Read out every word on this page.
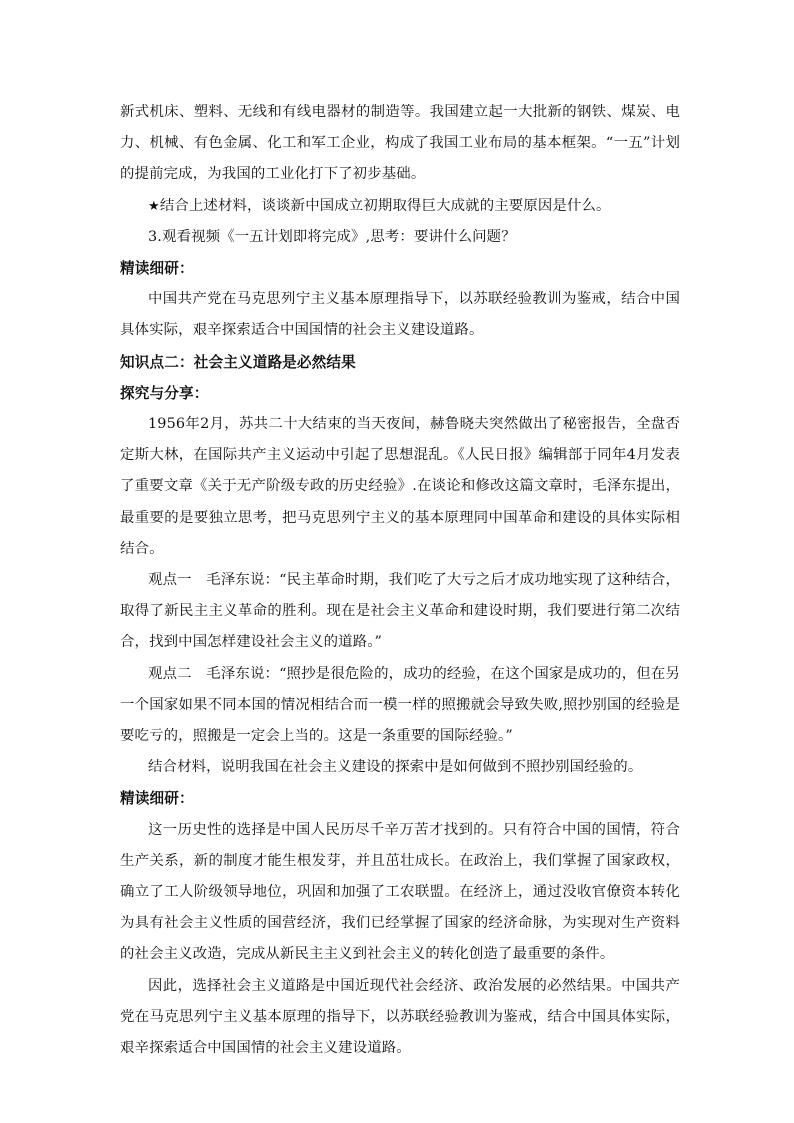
新式机床、塑料、无线和有线电器材的制造等。我国建立起一大批新的钢铁、煤炭、电力、机械、有色金属、化工和军工企业，构成了我国工业布局的基本框架。“一五”计划的提前完成，为我国的工业化打下了初步基础。

★结合上述材料，谈谈新中国成立初期取得巨大成就的主要原因是什么。

3.观看视频《一五计划即将完成》,思考：要讲什么问题？

精读细研：

中国共产党在马克思列宁主义基本原理指导下，以苏联经验教训为鉴戒，结合中国具体实际，艰辛探索适合中国国情的社会主义建设道路。

知识点二：社会主义道路是必然结果

探究与分享：

1956年2月，苏共二十大结束的当天夜间，赫鲁晓夫突然做出了秘密报告，全盘否定斯大林，在国际共产主义运动中引起了思想混乱。《人民日报》编辑部于同年4月发表了重要文章《关于无产阶级专政的历史经验》.在谈论和修改这篇文章时，毛泽东提出，最重要的是要独立思考，把马克思列宁主义的基本原理同中国革命和建设的具体实际相结合。

观点一　毛泽东说：“民主革命时期，我们吃了大亏之后才成功地实现了这种结合，取得了新民主主义革命的胜利。现在是社会主义革命和建设时期，我们要进行第二次结合，找到中国怎样建设社会主义的道路。”

观点二　毛泽东说：“照抄是很危险的，成功的经验，在这个国家是成功的，但在另一个国家如果不同本国的情况相结合而一模一样的照搬就会导致失败,照抄别国的经验是要吃亏的，照搬是一定会上当的。这是一条重要的国际经验。”

结合材料，说明我国在社会主义建设的探索中是如何做到不照抄别国经验的。

精读细研：

这一历史性的选择是中国人民历尽千辛万苦才找到的。只有符合中国的国情，符合生产关系，新的制度才能生根发芽，并且茁壮成长。在政治上，我们掌握了国家政权，确立了工人阶级领导地位，巩固和加强了工农联盟。在经济上，通过没收官僚资本转化为具有社会主义性质的国营经济，我们已经掌握了国家的经济命脉，为实现对生产资料的社会主义改造，完成从新民主主义到社会主义的转化创造了最重要的条件。

因此，选择社会主义道路是中国近现代社会经济、政治发展的必然结果。中国共产党在马克思列宁主义基本原理的指导下，以苏联经验教训为鉴戒，结合中国具体实际，艰辛探索适合中国国情的社会主义建设道路。
